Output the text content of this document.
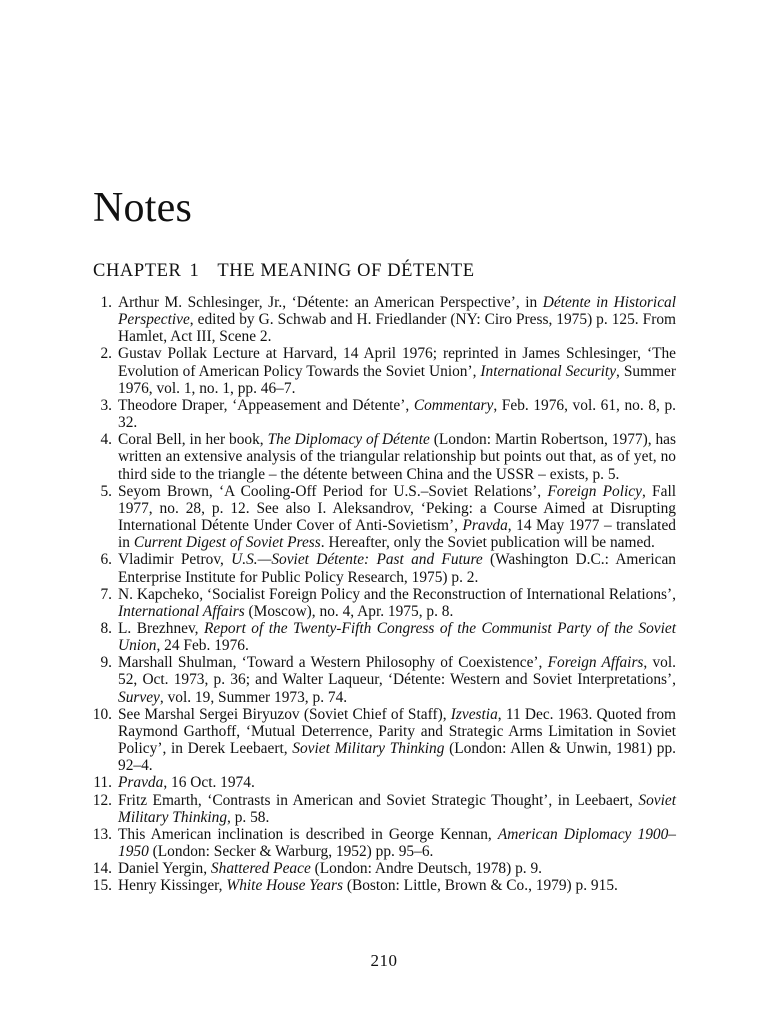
Notes
CHAPTER 1 THE MEANING OF DÉTENTE
1. Arthur M. Schlesinger, Jr., ‘Détente: an American Perspective’, in Détente in Historical Perspective, edited by G. Schwab and H. Friedlander (NY: Ciro Press, 1975) p. 125. From Hamlet, Act III, Scene 2.
2. Gustav Pollak Lecture at Harvard, 14 April 1976; reprinted in James Schlesinger, ‘The Evolution of American Policy Towards the Soviet Union’, International Security, Summer 1976, vol. 1, no. 1, pp. 46–7.
3. Theodore Draper, ‘Appeasement and Détente’, Commentary, Feb. 1976, vol. 61, no. 8, p. 32.
4. Coral Bell, in her book, The Diplomacy of Détente (London: Martin Robertson, 1977), has written an extensive analysis of the triangular relationship but points out that, as of yet, no third side to the triangle – the détente between China and the USSR – exists, p. 5.
5. Seyom Brown, ‘A Cooling-Off Period for U.S.–Soviet Relations’, Foreign Policy, Fall 1977, no. 28, p. 12. See also I. Aleksandrov, ‘Peking: a Course Aimed at Disrupting International Détente Under Cover of Anti-Sovietism’, Pravda, 14 May 1977 – translated in Current Digest of Soviet Press. Hereafter, only the Soviet publication will be named.
6. Vladimir Petrov, U.S.—Soviet Détente: Past and Future (Washington D.C.: American Enterprise Institute for Public Policy Research, 1975) p. 2.
7. N. Kapcheko, ‘Socialist Foreign Policy and the Reconstruction of International Relations’, International Affairs (Moscow), no. 4, Apr. 1975, p. 8.
8. L. Brezhnev, Report of the Twenty-Fifth Congress of the Communist Party of the Soviet Union, 24 Feb. 1976.
9. Marshall Shulman, ‘Toward a Western Philosophy of Coexistence’, Foreign Affairs, vol. 52, Oct. 1973, p. 36; and Walter Laqueur, ‘Détente: Western and Soviet Interpretations’, Survey, vol. 19, Summer 1973, p. 74.
10. See Marshal Sergei Biryuzov (Soviet Chief of Staff), Izvestia, 11 Dec. 1963. Quoted from Raymond Garthoff, ‘Mutual Deterrence, Parity and Strategic Arms Limitation in Soviet Policy’, in Derek Leebaert, Soviet Military Thinking (London: Allen & Unwin, 1981) pp. 92–4.
11. Pravda, 16 Oct. 1974.
12. Fritz Emarth, ‘Contrasts in American and Soviet Strategic Thought’, in Leebaert, Soviet Military Thinking, p. 58.
13. This American inclination is described in George Kennan, American Diplomacy 1900–1950 (London: Secker & Warburg, 1952) pp. 95–6.
14. Daniel Yergin, Shattered Peace (London: Andre Deutsch, 1978) p. 9.
15. Henry Kissinger, White House Years (Boston: Little, Brown & Co., 1979) p. 915.
210
